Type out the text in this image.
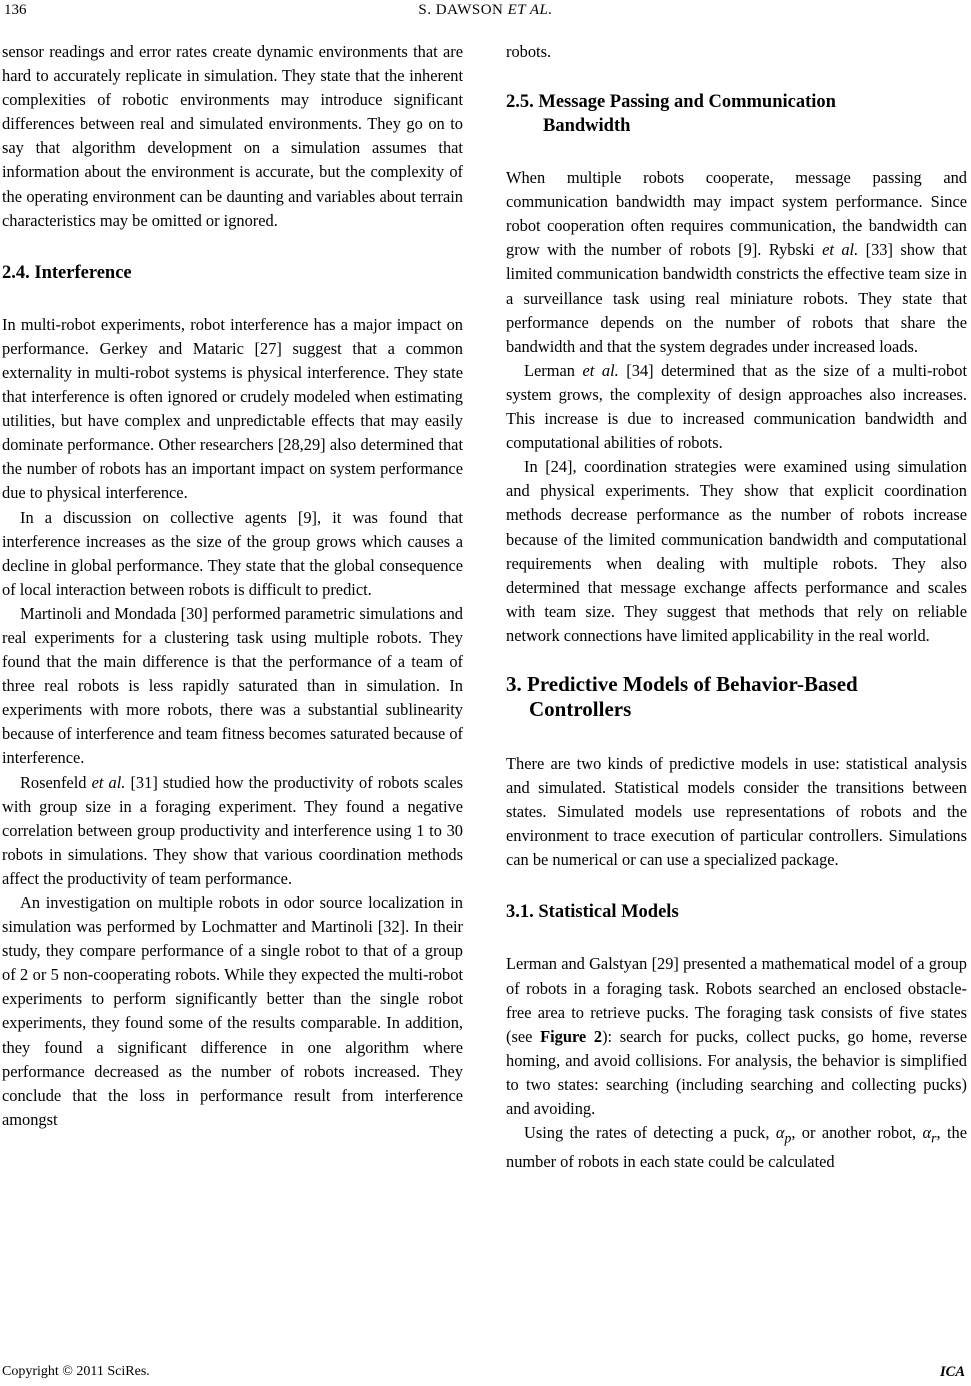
136	S. DAWSON ET AL.

sensor readings and error rates create dynamic environments that are hard to accurately replicate in simulation. They state that the inherent complexities of robotic environments may introduce significant differences between real and simulated environments. They go on to say that algorithm development on a simulation assumes that information about the environment is accurate, but the complexity of the operating environment can be daunting and variables about terrain characteristics may be omitted or ignored.

2.4. Interference

In multi-robot experiments, robot interference has a major impact on performance. Gerkey and Mataric [27] suggest that a common externality in multi-robot systems is physical interference. They state that interference is often ignored or crudely modeled when estimating utilities, but have complex and unpredictable effects that may easily dominate performance. Other researchers [28,29] also determined that the number of robots has an important impact on system performance due to physical interference.

In a discussion on collective agents [9], it was found that interference increases as the size of the group grows which causes a decline in global performance. They state that the global consequence of local interaction between robots is difficult to predict.

Martinoli and Mondada [30] performed parametric simulations and real experiments for a clustering task using multiple robots. They found that the main difference is that the performance of a team of three real robots is less rapidly saturated than in simulation. In experiments with more robots, there was a substantial sublinearity because of interference and team fitness becomes saturated because of interference.

Rosenfeld et al. [31] studied how the productivity of robots scales with group size in a foraging experiment. They found a negative correlation between group productivity and interference using 1 to 30 robots in simulations. They show that various coordination methods affect the productivity of team performance.

An investigation on multiple robots in odor source localization in simulation was performed by Lochmatter and Martinoli [32]. In their study, they compare performance of a single robot to that of a group of 2 or 5 non-cooperating robots. While they expected the multi-robot experiments to perform significantly better than the single robot experiments, they found some of the results comparable. In addition, they found a significant difference in one algorithm where performance decreased as the number of robots increased. They conclude that the loss in performance result from interference amongst

robots.

2.5. Message Passing and Communication
Bandwidth

When multiple robots cooperate, message passing and communication bandwidth may impact system performance. Since robot cooperation often requires communication, the bandwidth can grow with the number of robots [9]. Rybski et al. [33] show that limited communication bandwidth constricts the effective team size in a surveillance task using real miniature robots. They state that performance depends on the number of robots that share the bandwidth and that the system degrades under increased loads.

Lerman et al. [34] determined that as the size of a multi-robot system grows, the complexity of design approaches also increases. This increase is due to increased communication bandwidth and computational abilities of robots.

In [24], coordination strategies were examined using simulation and physical experiments. They show that explicit coordination methods decrease performance as the number of robots increase because of the limited communication bandwidth and computational requirements when dealing with multiple robots. They also determined that message exchange affects performance and scales with team size. They suggest that methods that rely on reliable network connections have limited applicability in the real world.

3. Predictive Models of Behavior-Based
Controllers

There are two kinds of predictive models in use: statistical analysis and simulated. Statistical models consider the transitions between states. Simulated models use representations of robots and the environment to trace execution of particular controllers. Simulations can be numerical or can use a specialized package.

3.1. Statistical Models

Lerman and Galstyan [29] presented a mathematical model of a group of robots in a foraging task. Robots searched an enclosed obstacle-free area to retrieve pucks. The foraging task consists of five states (see Figure 2): search for pucks, collect pucks, go home, reverse homing, and avoid collisions. For analysis, the behavior is simplified to two states: searching (including searching and collecting pucks) and avoiding.

Using the rates of detecting a puck, $\alpha_p$, or another robot, $\alpha_r$, the number of robots in each state could be calculated

Copyright © 2011 SciRes.	ICA
